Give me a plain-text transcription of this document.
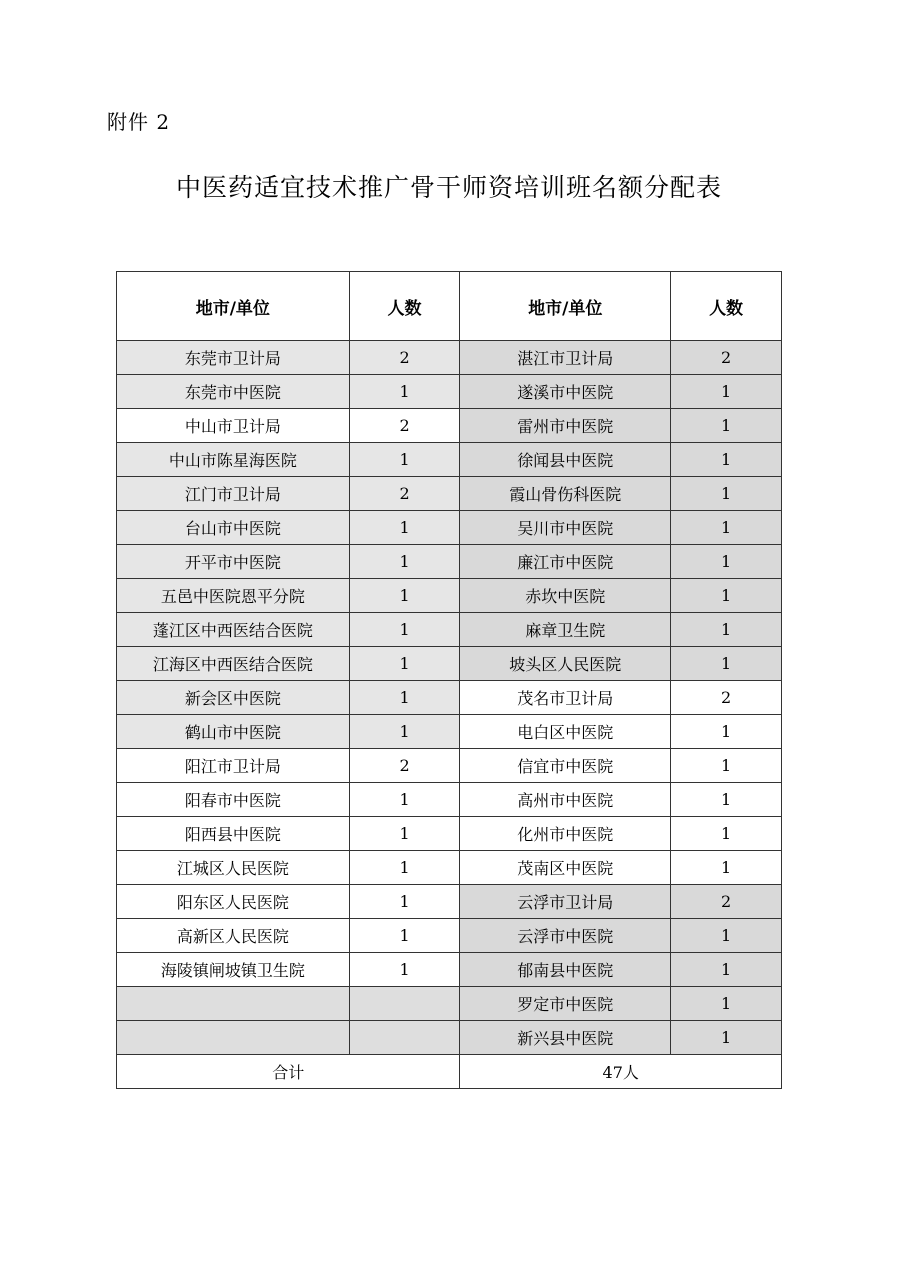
附件 2
中医药适宜技术推广骨干师资培训班名额分配表
地市/单位	人数	地市/单位	人数
东莞市卫计局	2	湛江市卫计局	2
东莞市中医院	1	遂溪市中医院	1
中山市卫计局	2	雷州市中医院	1
中山市陈星海医院	1	徐闻县中医院	1
江门市卫计局	2	霞山骨伤科医院	1
台山市中医院	1	吴川市中医院	1
开平市中医院	1	廉江市中医院	1
五邑中医院恩平分院	1	赤坎中医院	1
蓬江区中西医结合医院	1	麻章卫生院	1
江海区中西医结合医院	1	坡头区人民医院	1
新会区中医院	1	茂名市卫计局	2
鹤山市中医院	1	电白区中医院	1
阳江市卫计局	2	信宜市中医院	1
阳春市中医院	1	高州市中医院	1
阳西县中医院	1	化州市中医院	1
江城区人民医院	1	茂南区中医院	1
阳东区人民医院	1	云浮市卫计局	2
高新区人民医院	1	云浮市中医院	1
海陵镇闸坡镇卫生院	1	郁南县中医院	1
		罗定市中医院	1
		新兴县中医院	1
合计		47人	
